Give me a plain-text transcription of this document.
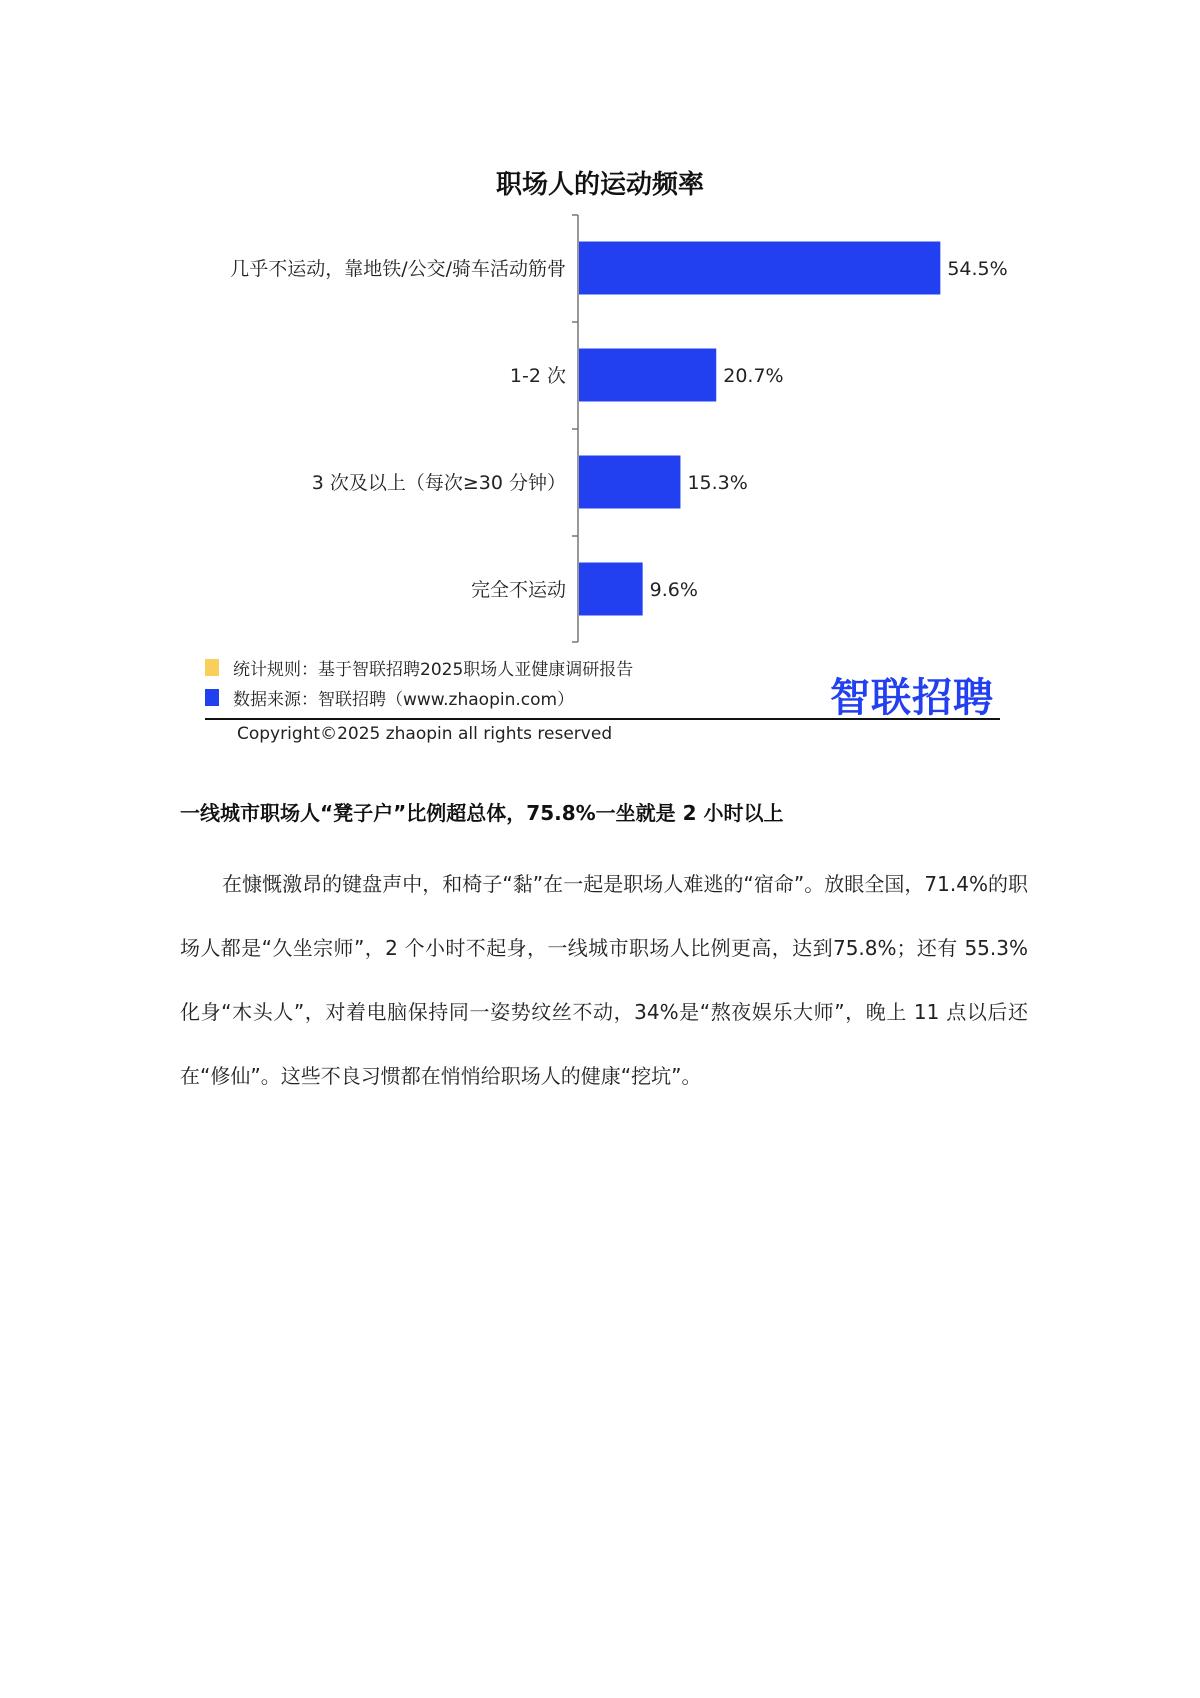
职场人的运动频率
几乎不运动，靠地铁/公交/骑车活动筋骨	54.5%
1-2 次	20.7%
3 次及以上（每次≥30 分钟）	15.3%
完全不运动	9.6%
统计规则：基于智联招聘2025职场人亚健康调研报告
数据来源：智联招聘（www.zhaopin.com）	智联招聘
Copyright©2025 zhaopin all rights reserved
一线城市职场人“凳子户”比例超总体，75.8%一坐就是 2 小时以上

在慷慨激昂的键盘声中，和椅子“黏”在一起是职场人难逃的“宿命”。放眼全国，71.4%的职场人都是“久坐宗师”，2 个小时不起身，一线城市职场人比例更高，达到75.8%；还有 55.3%化身“木头人”，对着电脑保持同一姿势纹丝不动，34%是“熬夜娱乐大师”，晚上 11 点以后还在“修仙”。这些不良习惯都在悄悄给职场人的健康“挖坑”。
